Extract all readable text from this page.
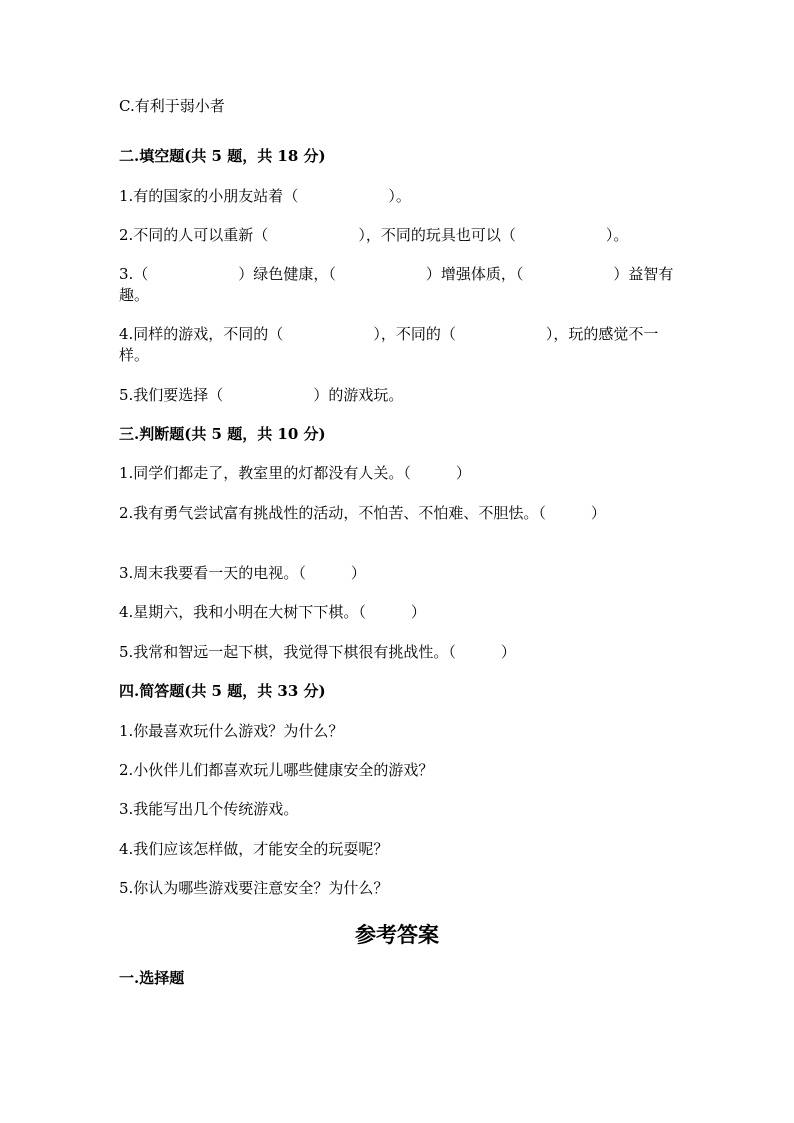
C.有利于弱小者
二.填空题(共 5 题，共 18 分)
1.有的国家的小朋友站着（　　　　　　）。
2.不同的人可以重新（　　　　　　），不同的玩具也可以（　　　　　　）。
3.（　　　　　　）绿色健康，（　　　　　　）增强体质，（　　　　　　）益智有趣。
4.同样的游戏，不同的（　　　　　　），不同的（　　　　　　），玩的感觉不一样。
5.我们要选择（　　　　　　）的游戏玩。
三.判断题(共 5 题，共 10 分)
1.同学们都走了，教室里的灯都没有人关。（　　　）
2.我有勇气尝试富有挑战性的活动，不怕苦、不怕难、不胆怯。（　　　）
3.周末我要看一天的电视。（　　　）
4.星期六，我和小明在大树下下棋。（　　　）
5.我常和智远一起下棋，我觉得下棋很有挑战性。（　　　）
四.简答题(共 5 题，共 33 分)
1.你最喜欢玩什么游戏？为什么？
2.小伙伴儿们都喜欢玩儿哪些健康安全的游戏？
3.我能写出几个传统游戏。
4.我们应该怎样做，才能安全的玩耍呢？
5.你认为哪些游戏要注意安全？为什么？
参考答案
一.选择题
